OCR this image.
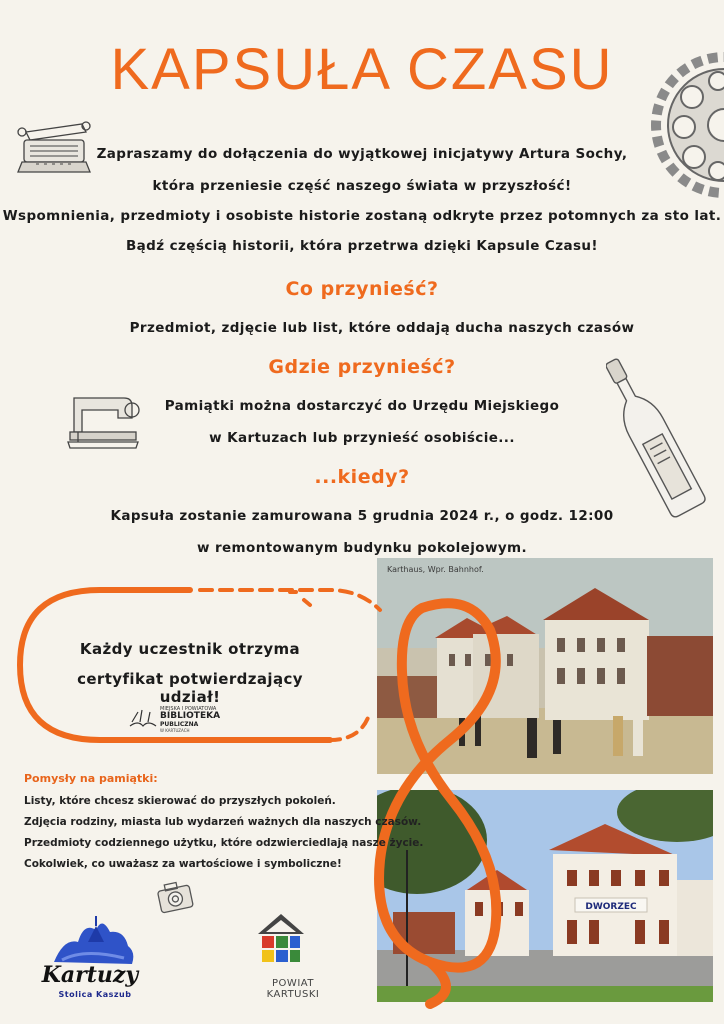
KAPSUŁA CZASU
Zapraszamy do dołączenia do wyjątkowej inicjatywy Artura Sochy,
która przeniesie część naszego świata w przyszłość!
Wspomnienia, przedmioty i osobiste historie zostaną odkryte przez potomnych za sto lat.
Bądź częścią historii, która przetrwa dzięki Kapsule Czasu!
Co przynieść?
Przedmiot, zdjęcie lub list, które oddają ducha naszych czasów
Gdzie przynieść?
Pamiątki można dostarczyć do Urzędu Miejskiego
w Kartuzach lub przynieść osobiście...
...kiedy?
Kapsuła zostanie zamurowana 5 grudnia 2024 r., o godz. 12:00
w remontowanym budynku pokolejowym.
Karthaus, Wpr. Bahnhof.
DWORZEC
Każdy uczestnik otrzyma
certyfikat potwierdzający udział!
MIEJSKA I POWIATOWA
BIBLIOTEKA
PUBLICZNA
W KARTUZACH
Pomysły na pamiątki:
Listy, które chcesz skierować do przyszłych pokoleń.
Zdjęcia rodziny, miasta lub wydarzeń ważnych dla naszych czasów.
Przedmioty codziennego użytku, które odzwierciedlają nasze życie.
Cokolwiek, co uważasz za wartościowe i symboliczne!
Kartuzy
Stolica Kaszub
POWIAT KARTUSKI
